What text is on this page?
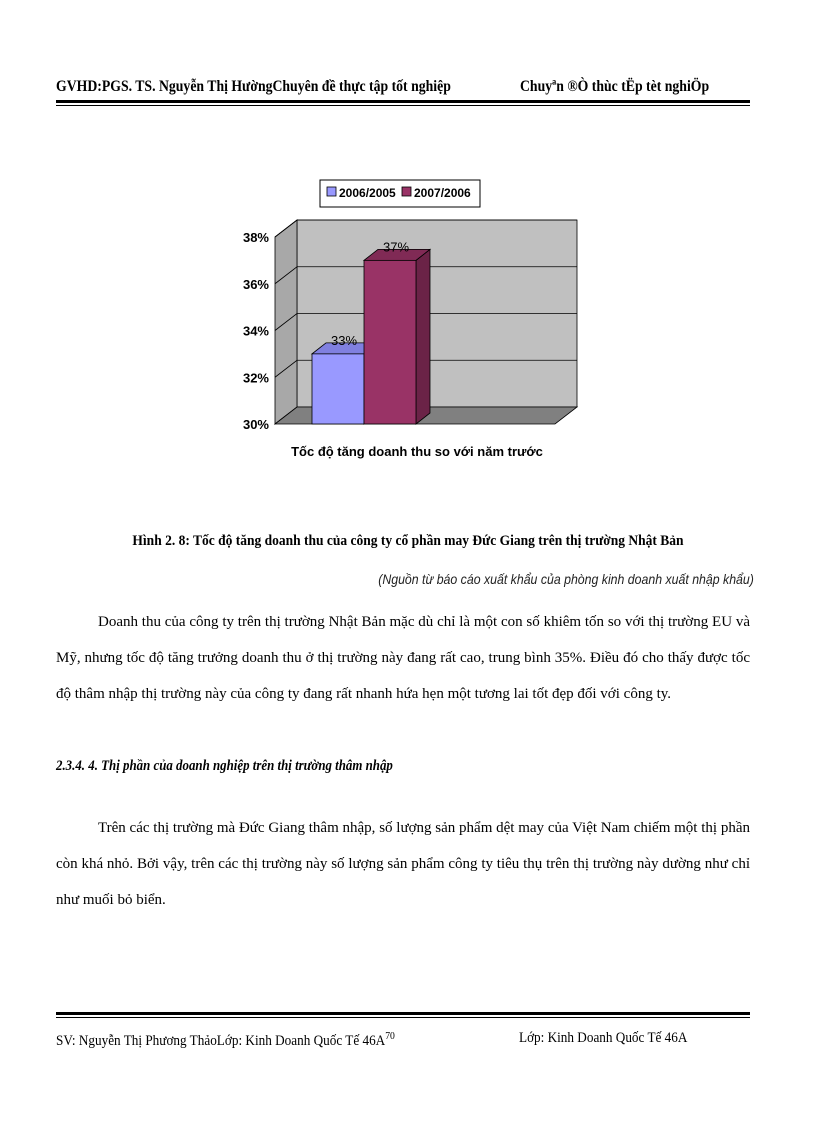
GVHD:PGS. TS. Nguyễn Thị HườngChuyên đề thực tập tốt nghiệp	Chuyªn ®Ò thùc tËp tèt nghiÖp
2006/2005 2007/2006
33%
37%
30%
32%
34%
36%
38%
Tốc độ tăng doanh thu so với năm trước
Hình 2. 8: Tốc độ tăng doanh thu của công ty cổ phần may Đức Giang trên thị trường Nhật Bản
(Nguồn từ báo cáo xuất khẩu của phòng kinh doanh xuất nhập khẩu)

Doanh thu của công ty trên thị trường Nhật Bản mặc dù chỉ là một con số khiêm tốn so với thị trường EU và Mỹ, nhưng tốc độ tăng trưởng doanh thu ở thị trường này đang rất cao, trung bình 35%. Điều đó cho thấy được tốc độ thâm nhập thị trường này của công ty đang rất nhanh hứa hẹn một tương lai tốt đẹp đối với công ty.

2.3.4. 4. Thị phần của doanh nghiệp trên thị trường thâm nhập

Trên các thị trường mà Đức Giang thâm nhập, số lượng sản phẩm dệt may của Việt Nam chiếm một thị phần còn khá nhỏ. Bởi vậy, trên các thị trường này số lượng sản phẩm công ty tiêu thụ trên thị trường này dường như chỉ như muối bỏ biển.

SV: Nguyễn Thị Phương ThảoLớp: Kinh Doanh Quốc Tế $46A^{70}$	Lớp: Kinh Doanh Quốc Tế 46A
